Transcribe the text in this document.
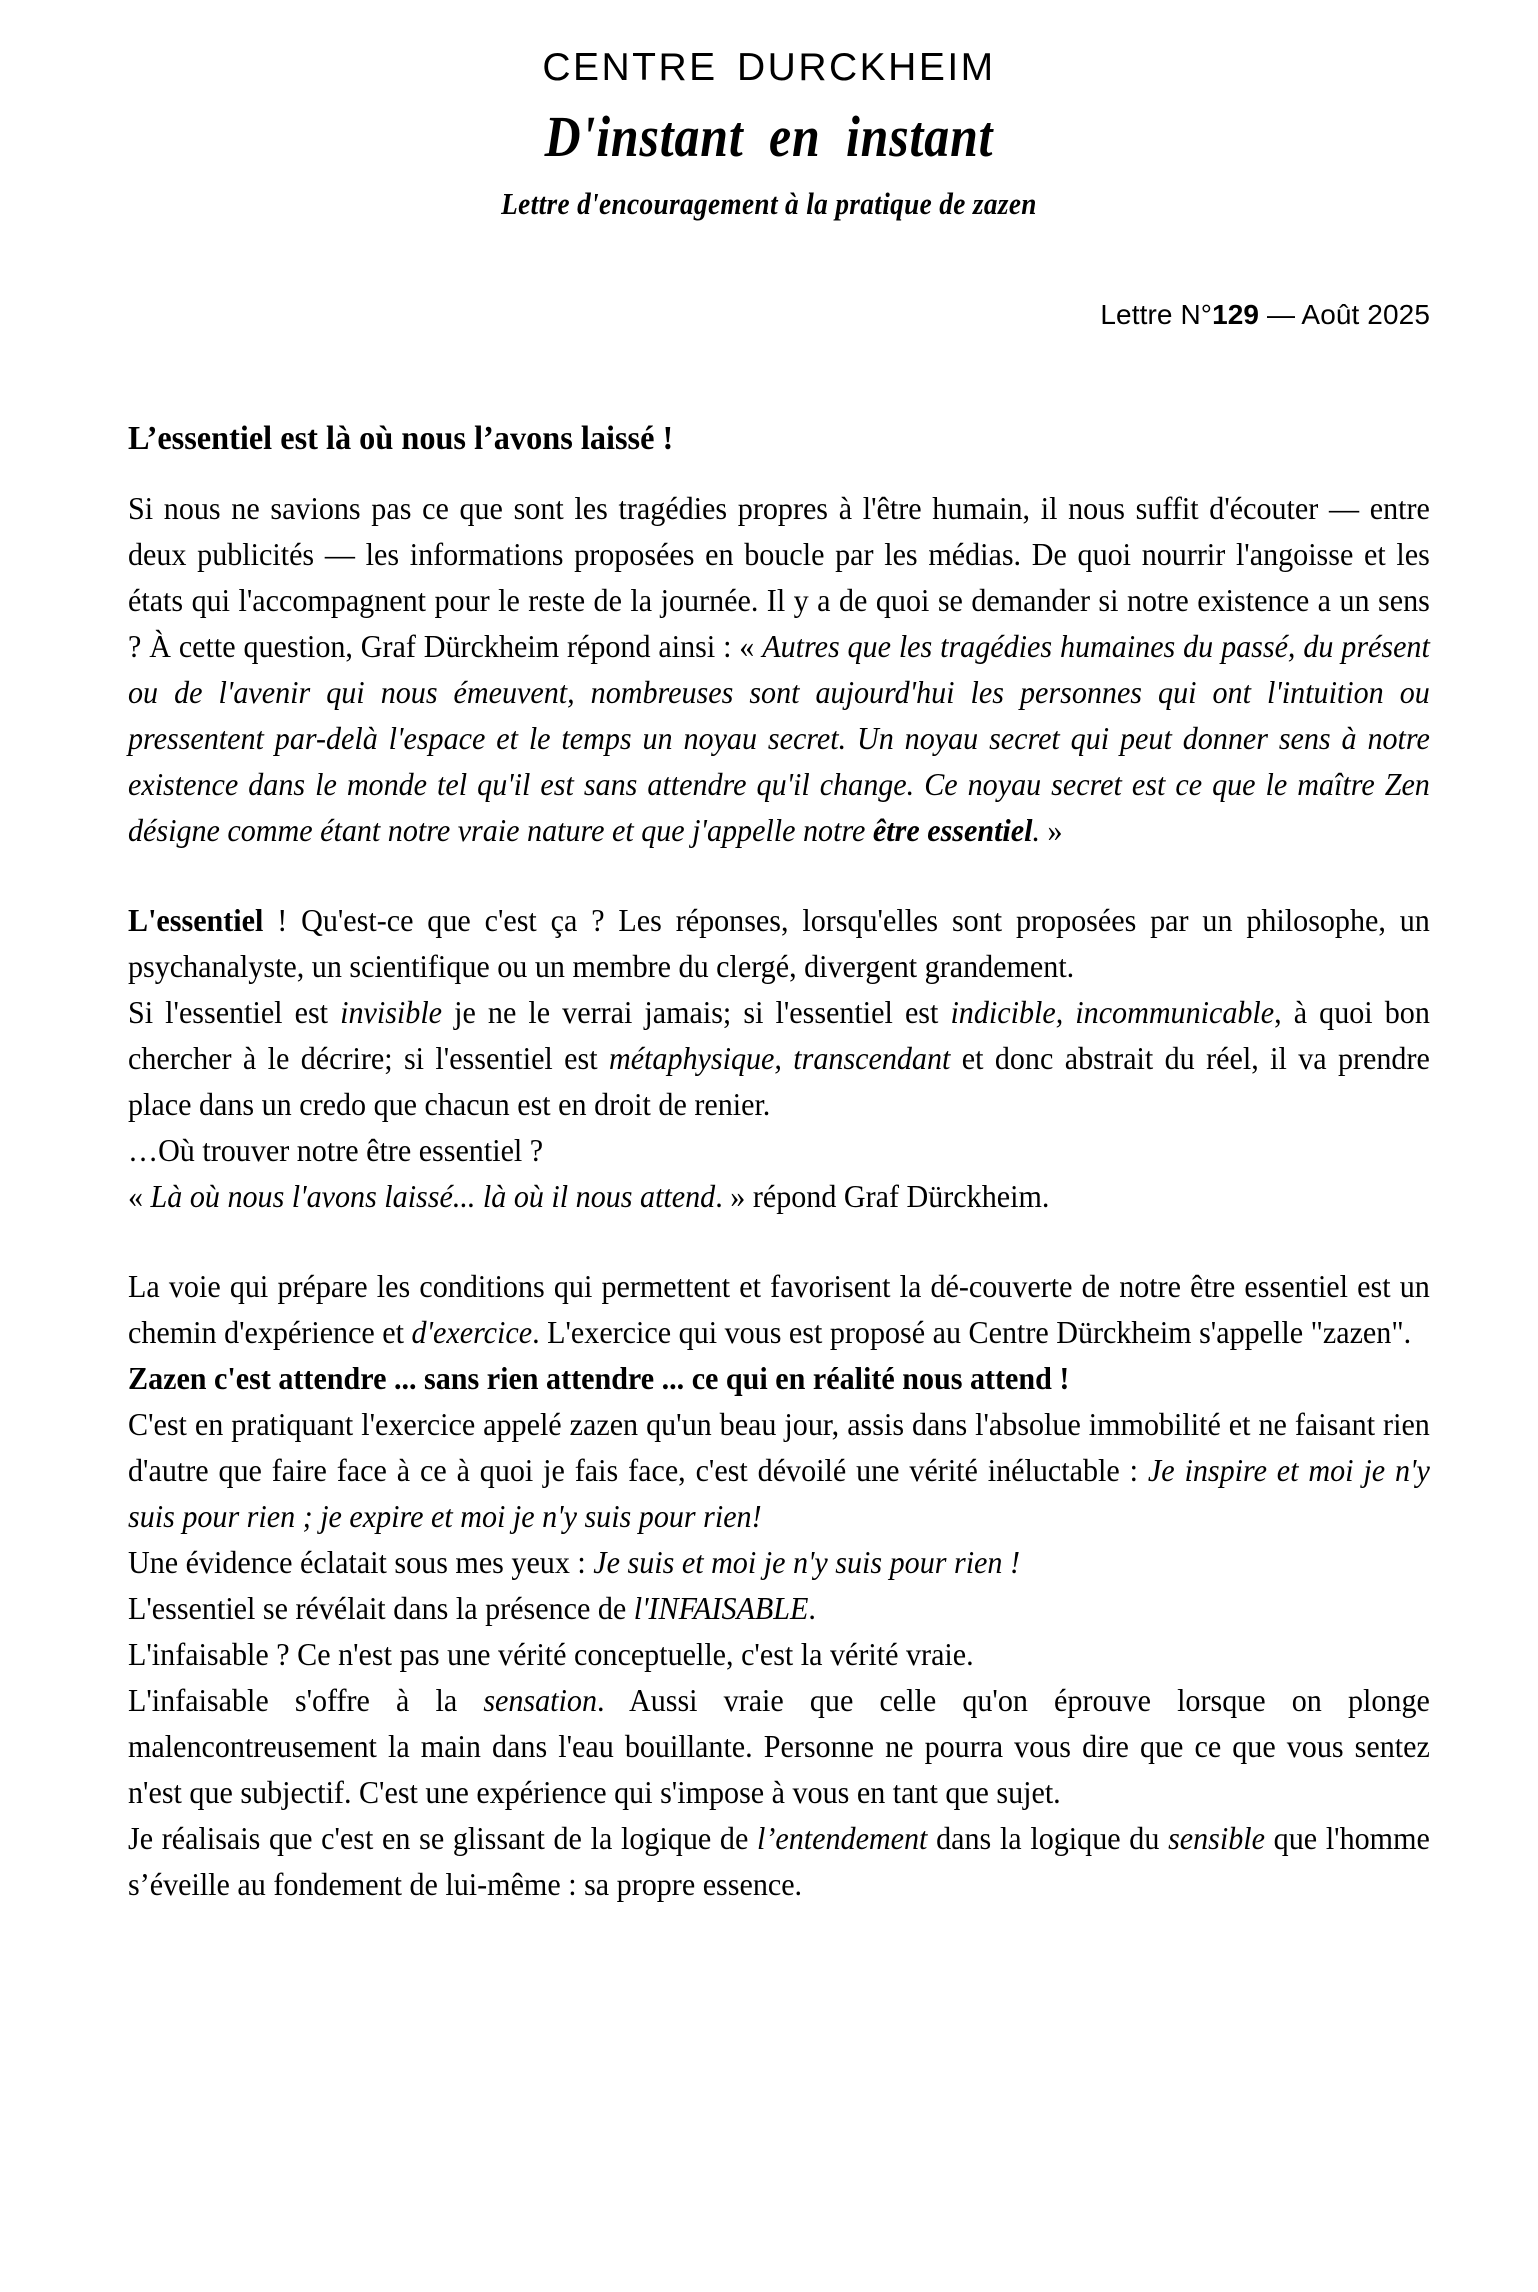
CENTRE DURCKHEIM
D'instant en instant
Lettre d'encouragement à la pratique de zazen
Lettre N°129 — Août 2025
L’essentiel est là où nous l’avons laissé !

Si nous ne savions pas ce que sont les tragédies propres à l'être humain, il nous suffit d'écouter — entre deux publicités — les informations proposées en boucle par les médias. De quoi nourrir l'angoisse et les états qui l'accompagnent pour le reste de la journée. Il y a de quoi se demander si notre existence a un sens ? À cette question, Graf Dürckheim répond ainsi : « Autres que les tragédies humaines du passé, du présent ou de l'avenir qui nous émeuvent, nombreuses sont aujourd'hui les personnes qui ont l'intuition ou pressentent par-delà l'espace et le temps un noyau secret. Un noyau secret qui peut donner sens à notre existence dans le monde tel qu'il est sans attendre qu'il change. Ce noyau secret est ce que le maître Zen désigne comme étant notre vraie nature et que j'appelle notre être essentiel. »

L'essentiel ! Qu'est-ce que c'est ça ? Les réponses, lorsqu'elles sont proposées par un philosophe, un psychanalyste, un scientifique ou un membre du clergé, divergent grandement.

Si l'essentiel est invisible je ne le verrai jamais; si l'essentiel est indicible, incommunicable, à quoi bon chercher à le décrire; si l'essentiel est métaphysique, transcendant et donc abstrait du réel, il va prendre place dans un credo que chacun est en droit de renier.

…Où trouver notre être essentiel ?

« Là où nous l'avons laissé... là où il nous attend. » répond Graf Dürckheim.

La voie qui prépare les conditions qui permettent et favorisent la dé-couverte de notre être essentiel est un chemin d'expérience et d'exercice. L'exercice qui vous est proposé au Centre Dürckheim s'appelle "zazen".

Zazen c'est attendre ... sans rien attendre ... ce qui en réalité nous attend !

C'est en pratiquant l'exercice appelé zazen qu'un beau jour, assis dans l'absolue immobilité et ne faisant rien d'autre que faire face à ce à quoi je fais face, c'est dévoilé une vérité inéluctable : Je inspire et moi je n'y suis pour rien ; je expire et moi je n'y suis pour rien!

Une évidence éclatait sous mes yeux : Je suis et moi je n'y suis pour rien !

L'essentiel se révélait dans la présence de l'INFAISABLE.

L'infaisable ? Ce n'est pas une vérité conceptuelle, c'est la vérité vraie.

L'infaisable s'offre à la sensation. Aussi vraie que celle qu'on éprouve lorsque on plonge malencontreusement la main dans l'eau bouillante. Personne ne pourra vous dire que ce que vous sentez n'est que subjectif. C'est une expérience qui s'impose à vous en tant que sujet.

Je réalisais que c'est en se glissant de la logique de l’entendement dans la logique du sensible que l'homme s’éveille au fondement de lui-même : sa propre essence.
